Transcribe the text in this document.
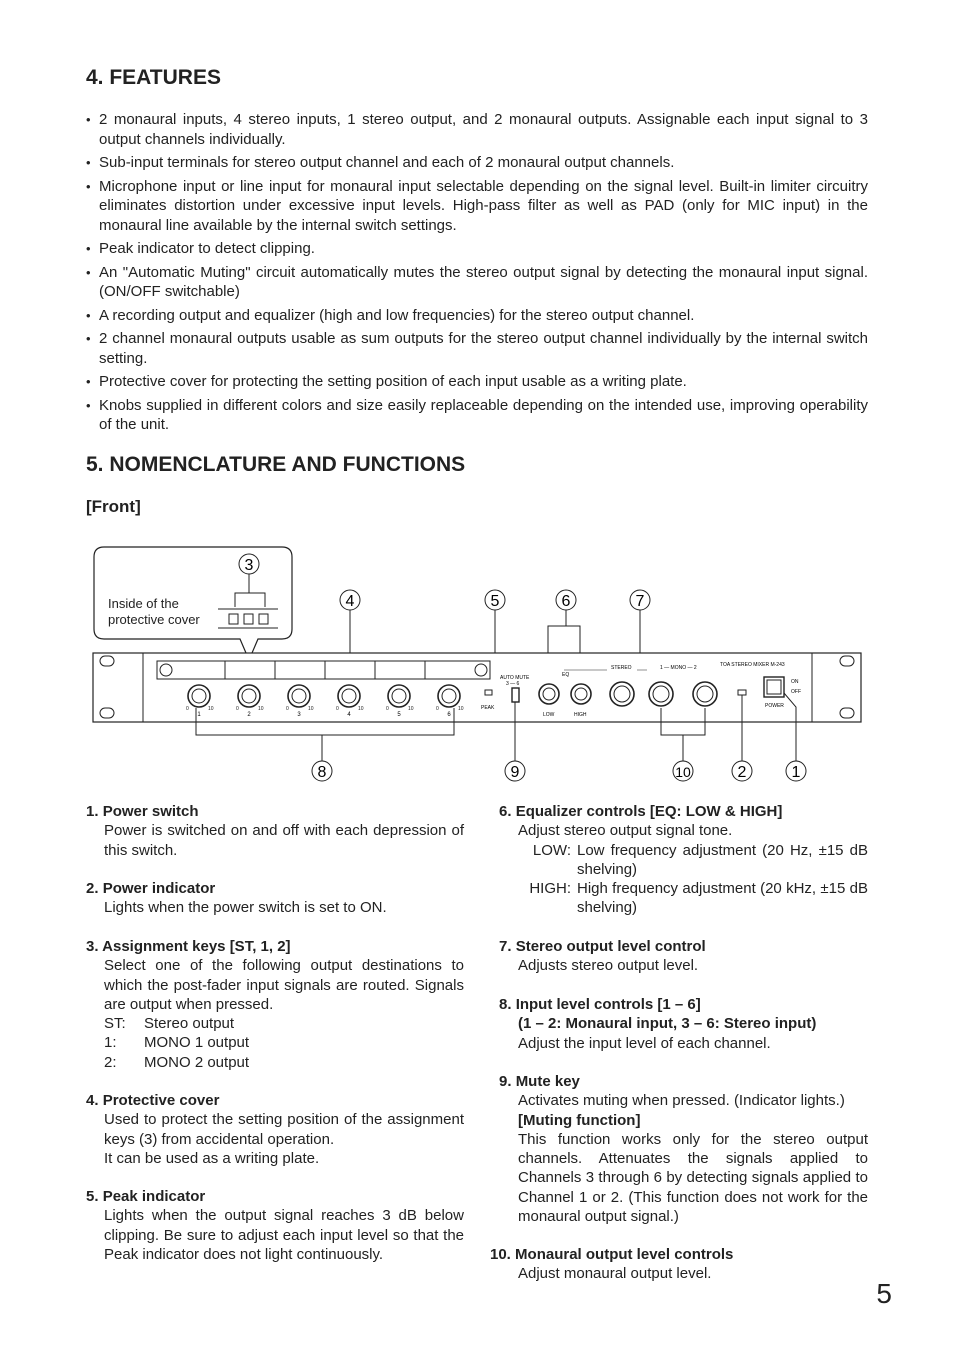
4. FEATURES
• 2 monaural inputs, 4 stereo inputs, 1 stereo output, and 2 monaural outputs. Assignable each input signal to 3 output channels individually.
• Sub-input terminals for stereo output channel and each of 2 monaural output channels.
• Microphone input or line input for monaural input selectable depending on the signal level. Built-in limiter circuitry eliminates distortion under excessive input levels. High-pass filter as well as PAD (only for MIC input) in the monaural line available by the internal switch settings.
• Peak indicator to detect clipping.
• An "Automatic Muting" circuit automatically mutes the stereo output signal by detecting the monaural input signal. (ON/OFF switchable)
• A recording output and equalizer (high and low frequencies) for the stereo output channel.
• 2 channel monaural outputs usable as sum outputs for the stereo output channel individually by the internal switch setting.
• Protective cover for protecting the setting position of each input usable as a writing plate.
• Knobs supplied in different colors and size easily replaceable depending on the intended use, improving operability of the unit.
5. NOMENCLATURE AND FUNCTIONS
[Front]
Inside of the protective cover
3
4	5	6	7
1	2	3	4	5	6
0	10	0	10	0	10	0	10	0	10	0	10	PEAK
AUTO MUTE
3 — 6
EQ
STEREO
LOW	HIGH
1 — MONO — 2	TOA STEREO MIXER M-243
POWER
ON
OFF
8	9	10	2	1
1. Power switch
Power is switched on and off with each depression of this switch.
2. Power indicator
Lights when the power switch is set to ON.
3. Assignment keys [ST, 1, 2]
Select one of the following output destinations to which the post-fader input signals are routed. Signals are output when pressed.
ST:	Stereo output
1:	MONO 1 output
2:	MONO 2 output
4. Protective cover
Used to protect the setting position of the assignment keys (3) from accidental operation.
It can be used as a writing plate.
5. Peak indicator
Lights when the output signal reaches 3 dB below clipping. Be sure to adjust each input level so that the Peak indicator does not light continuously.
6. Equalizer controls [EQ: LOW & HIGH]
Adjust stereo output signal tone.
LOW: Low frequency adjustment (20 Hz, ±15 dB shelving)
HIGH: High frequency adjustment (20 kHz, ±15 dB shelving)
7. Stereo output level control
Adjusts stereo output level.
8. Input level controls [1 – 6]
(1 – 2: Monaural input, 3 – 6: Stereo input)
Adjust the input level of each channel.
9. Mute key
Activates muting when pressed. (Indicator lights.)
[Muting function]
This function works only for the stereo output channels. Attenuates the signals applied to Channels 3 through 6 by detecting signals applied to Channel 1 or 2. (This function does not work for the monaural output signal.)
10. Monaural output level controls
Adjust monaural output level.
5
